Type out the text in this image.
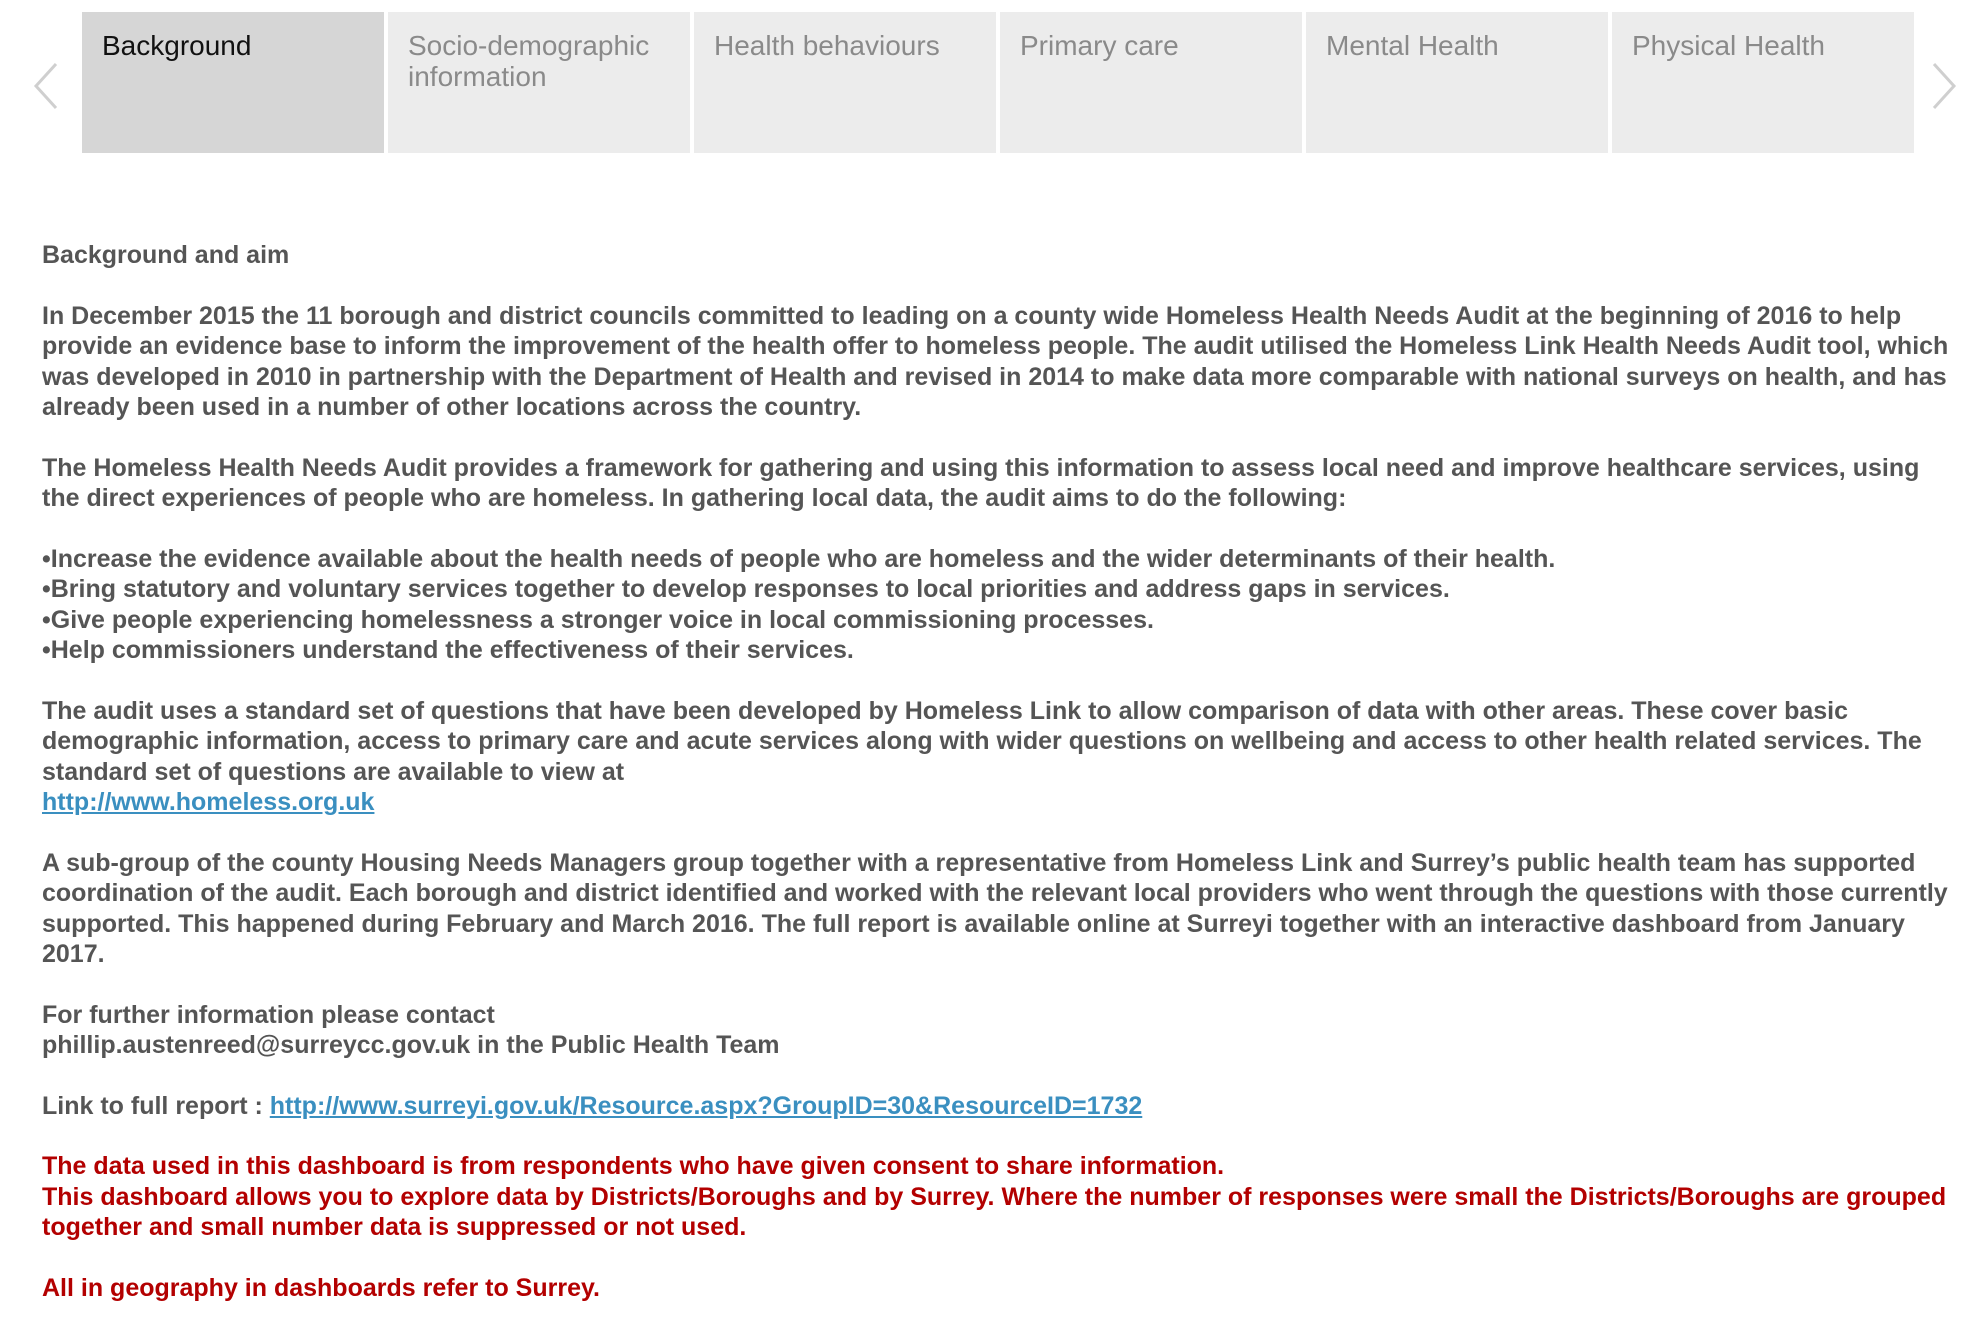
Background	Socio-demographic information
Health behaviours	Primary care	Mental Health	Physical Health

Background and aim

In December 2015 the 11 borough and district councils committed to leading on a county wide Homeless Health Needs Audit at the beginning of 2016 to help provide an evidence base to inform the improvement of the health offer to homeless people. The audit utilised the Homeless Link Health Needs Audit tool, which was developed in 2010 in partnership with the Department of Health and revised in 2014 to make data more comparable with national surveys on health, and has already been used in a number of other locations across the country.

The Homeless Health Needs Audit provides a framework for gathering and using this information to assess local need and improve healthcare services, using the direct experiences of people who are homeless. In gathering local data, the audit aims to do the following:

•Increase the evidence available about the health needs of people who are homeless and the wider determinants of their health.
•Bring statutory and voluntary services together to develop responses to local priorities and address gaps in services.
•Give people experiencing homelessness a stronger voice in local commissioning processes.
•Help commissioners understand the effectiveness of their services.

The audit uses a standard set of questions that have been developed by Homeless Link to allow comparison of data with other areas. These cover basic demographic information, access to primary care and acute services along with wider questions on wellbeing and access to other health related services. The standard set of questions are available to view at
http://www.homeless.org.uk

A sub-group of the county Housing Needs Managers group together with a representative from Homeless Link and Surrey’s public health team has supported coordination of the audit. Each borough and district identified and worked with the relevant local providers who went through the questions with those currently supported. This happened during February and March 2016. The full report is available online at Surreyi together with an interactive dashboard from January 2017.

For further information please contact
phillip.austenreed@surreycc.gov.uk in the Public Health Team

Link to full report : http://www.surreyi.gov.uk/Resource.aspx?GroupID=30&ResourceID=1732

The data used in this dashboard is from respondents who have given consent to share information.
This dashboard allows you to explore data by Districts/Boroughs and by Surrey. Where the number of responses were small the Districts/Boroughs are grouped together and small number data is suppressed or not used.

All in geography in dashboards refer to Surrey.
